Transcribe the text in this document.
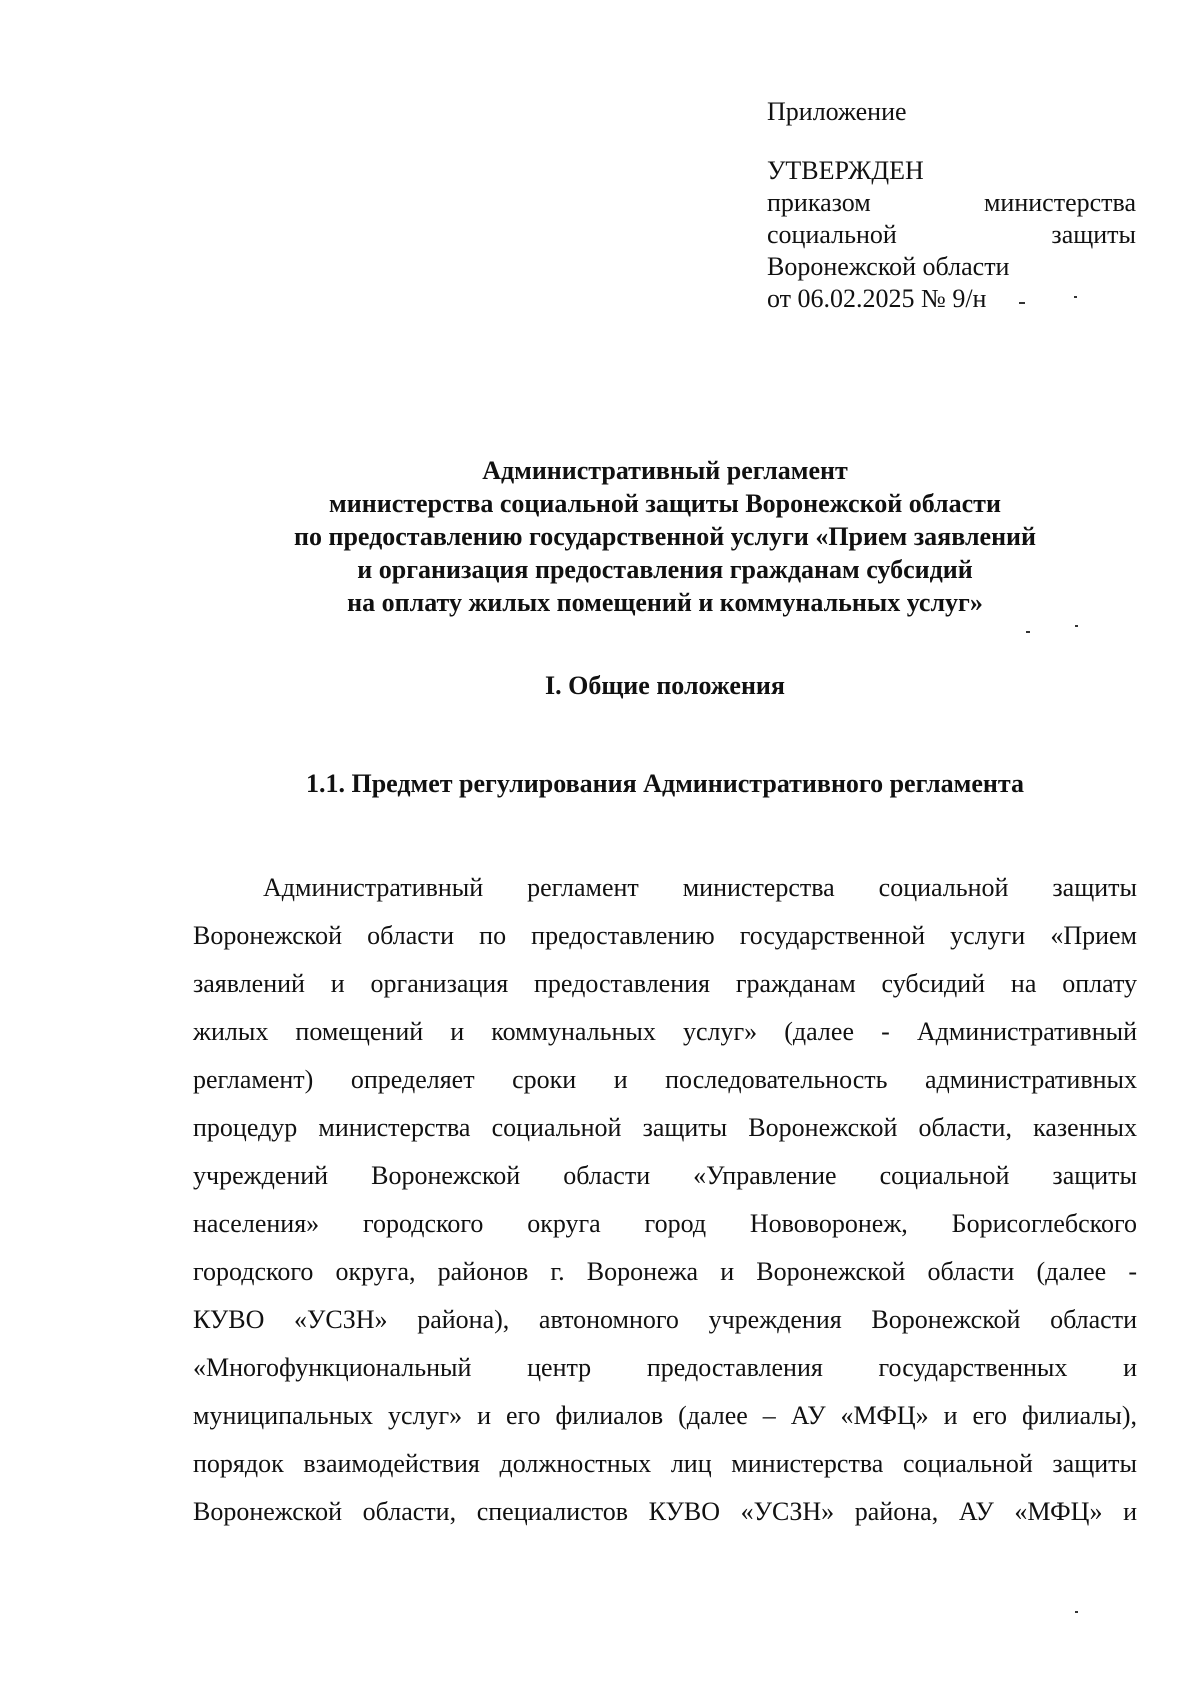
Приложение

УТВЕРЖДЕН

приказом министерства

социальной защиты

Воронежской области

от 06.02.2025 № 9/н

Административный регламент
министерства социальной защиты Воронежской области
по предоставлению государственной услуги «Прием заявлений
и организация предоставления гражданам субсидий
на оплату жилых помещений и коммунальных услуг»
I. Общие положения
1.1. Предмет регулирования Административного регламента
Административный регламент министерства социальной защиты
Воронежской области по предоставлению государственной услуги «Прием
заявлений и организация предоставления гражданам субсидий на оплату
жилых помещений и коммунальных услуг» (далее - Административный
регламент) определяет сроки и последовательность административных
процедур министерства социальной защиты Воронежской области, казенных
учреждений Воронежской области «Управление социальной защиты
населения» городского округа город Нововоронеж, Борисоглебского
городского округа, районов г. Воронежа и Воронежской области (далее -
КУВО «УСЗН» района), автономного учреждения Воронежской области
«Многофункциональный центр предоставления государственных и
муниципальных услуг» и его филиалов (далее – АУ «МФЦ» и его филиалы),
порядок взаимодействия должностных лиц министерства социальной защиты
Воронежской области, специалистов КУВО «УСЗН» района, АУ «МФЦ» и
